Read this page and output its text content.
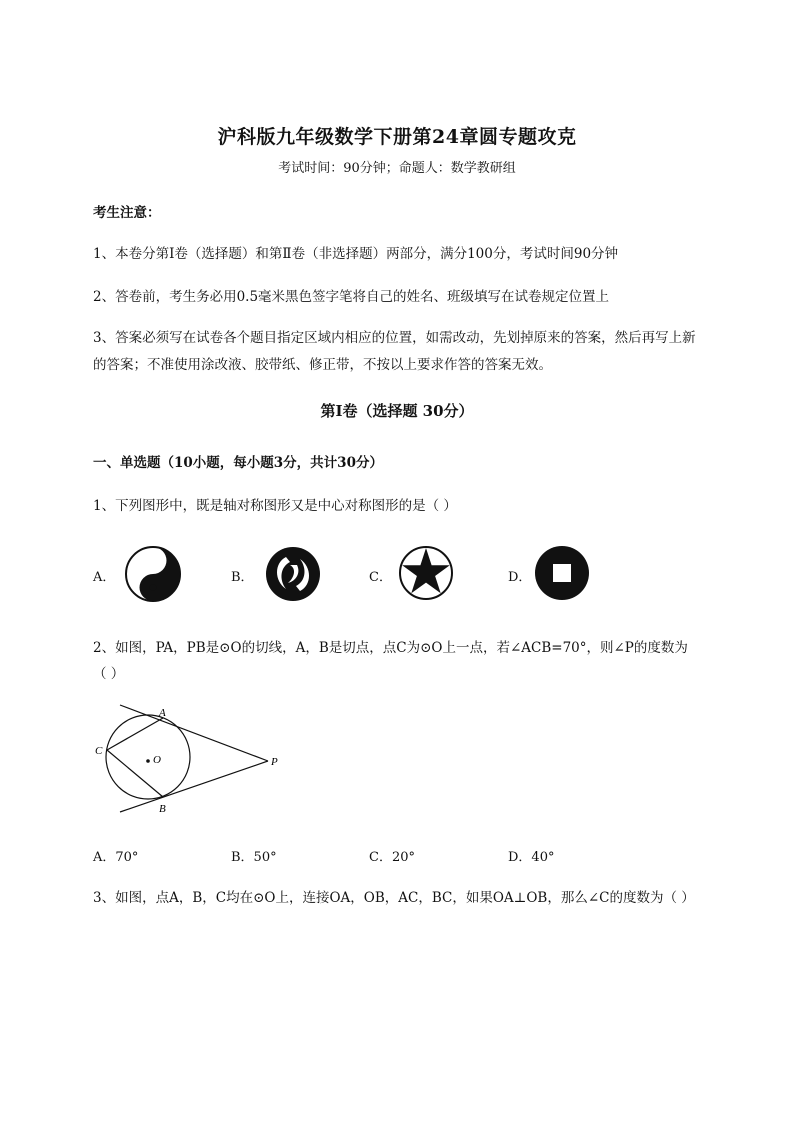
沪科版九年级数学下册第24章圆专题攻克
考试时间：90分钟；命题人：数学教研组
考生注意：
1、本卷分第I卷（选择题）和第Ⅱ卷（非选择题）两部分，满分100分，考试时间90分钟
2、答卷前，考生务必用0.5毫米黑色签字笔将自己的姓名、班级填写在试卷规定位置上
3、答案必须写在试卷各个题目指定区域内相应的位置，如需改动，先划掉原来的答案，然后再写上新
的答案；不准使用涂改液、胶带纸、修正带，不按以上要求作答的答案无效。
第I卷（选择题 30分）
一、单选题（10小题，每小题3分，共计30分）
1、下列图形中，既是轴对称图形又是中心对称图形的是（ ）
A．	B．	C．	D．
2、如图，PA，PB是⊙O的切线，A，B是切点，点C为⊙O上一点，若∠ACB=70°，则∠P的度数为
（ ）
A
B
C
O	P
A．70°	B．50°	C．20°	D．40°
3、如图，点A，B，C均在⊙O上，连接OA，OB，AC，BC，如果OA⊥OB，那么∠C的度数为（ ）
